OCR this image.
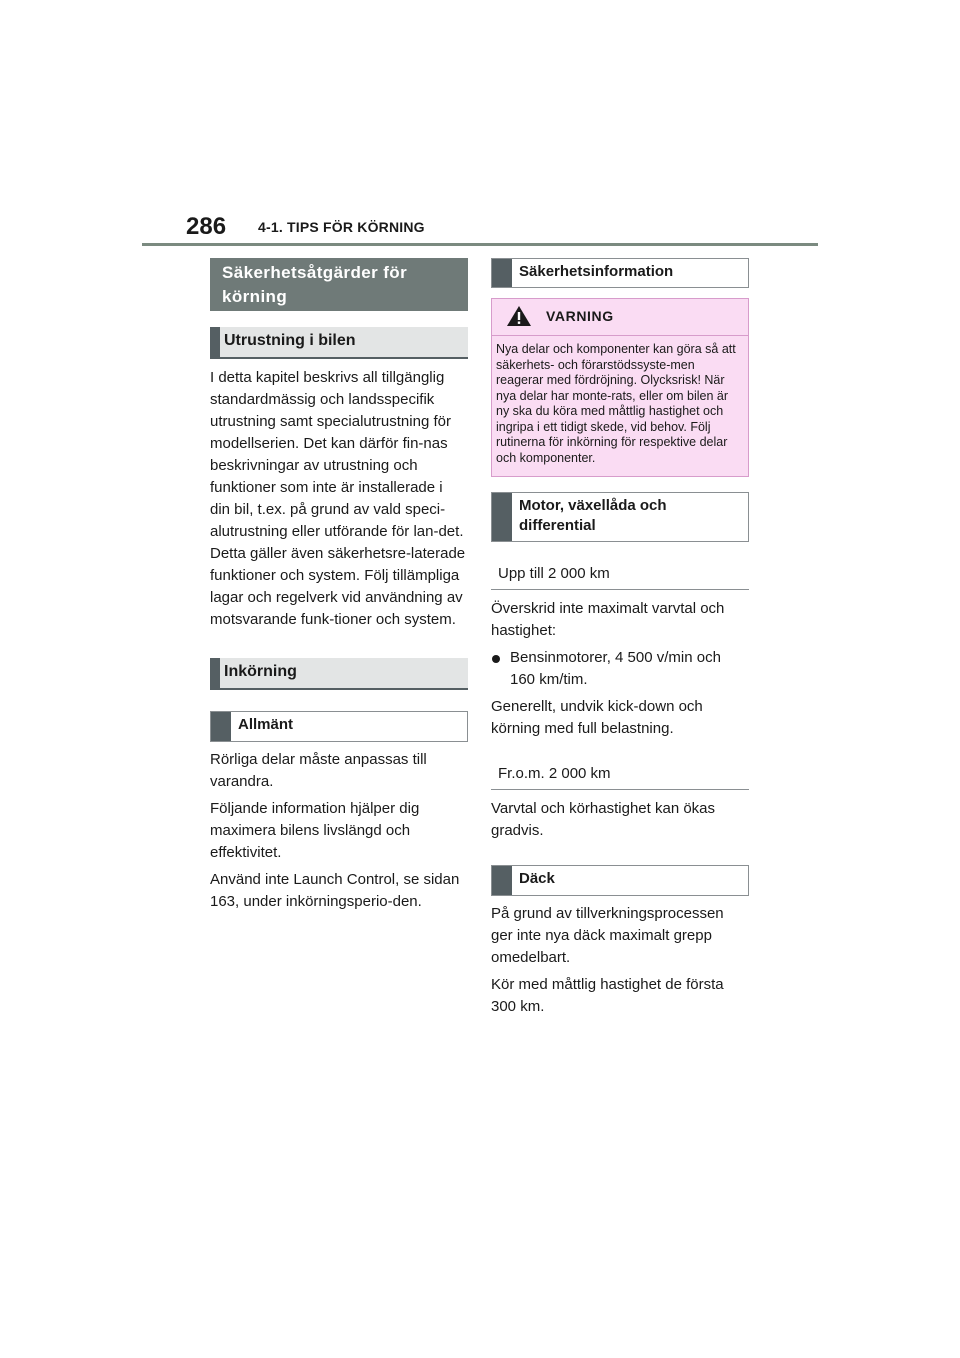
286 4-1. TIPS FÖR KÖRNING
Säkerhetsåtgärder för körning
Utrustning i bilen

I detta kapitel beskrivs all tillgänglig standardmässig och landsspecifik utrustning samt specialutrustning för modellserien. Det kan därför fin-nas beskrivningar av utrustning och funktioner som inte är installerade i din bil, t.ex. på grund av vald speci-alutrustning eller utförande för lan-det. Detta gäller även säkerhetsre-laterade funktioner och system. Följ tillämpliga lagar och regelverk vid användning av motsvarande funk-tioner och system.

Inkörning
Allmänt

Rörliga delar måste anpassas till varandra.

Följande information hjälper dig maximera bilens livslängd och effektivitet.

Använd inte Launch Control, se sidan 163, under inkörningsperio-den.

Säkerhetsinformation
VARNING
Nya delar och komponenter kan göra så att säkerhets- och förarstödssyste-men reagerar med fördröjning. Olycksrisk! När nya delar har monte-rats, eller om bilen är ny ska du köra med måttlig hastighet och ingripa i ett tidigt skede, vid behov. Följ rutinerna för inkörning för respektive delar och komponenter.
Motor, växellåda och differential
Upp till 2 000 km

Överskrid inte maximalt varvtal och hastighet:

Bensinmotorer, 4 500 v/min och 160 km/tim.

Generellt, undvik kick-down och körning med full belastning.

Fr.o.m. 2 000 km

Varvtal och körhastighet kan ökas gradvis.

Däck

På grund av tillverkningsprocessen ger inte nya däck maximalt grepp omedelbart.

Kör med måttlig hastighet de första 300 km.
